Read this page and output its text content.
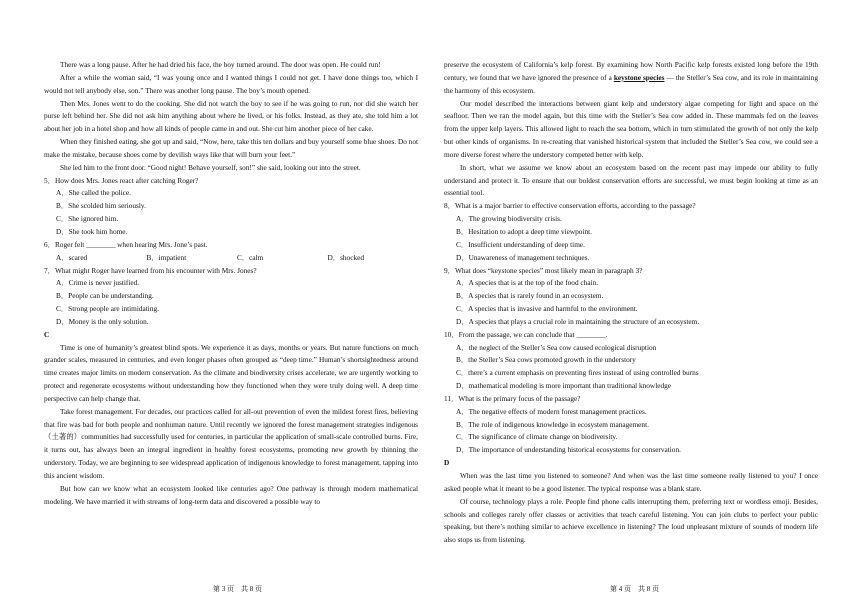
There was a long pause. After he had dried his face, the boy turned around. The door was open. He could run!

After a while the woman said, “I was young once and I wanted things I could not get. I have done things too, which I would not tell anybody else, son.” There was another long pause. The boy’s mouth opened.

Then Mrs. Jones went to do the cooking. She did not watch the boy to see if he was going to run, nor did she watch her purse left behind her. She did not ask him anything about where he lived, or his folks. Instead, as they ate, she told him a lot about her job in a hotel shop and how all kinds of people came in and out. She cut him another piece of her cake.

When they finished eating, she got up and said, “Now, here, take this ten dollars and buy yourself some blue shoes. Do not make the mistake, because shoes come by devilish ways like that will burn your feet.”

She led him to the front door. “Good night! Behave yourself, son!” she said, looking out into the street.

5．How does Mrs. Jones react after catching Roger?

A．She called the police.

B．She scolded him seriously.

C．She ignored him.

D．She took him home.

6．Roger felt ________ when hearing Mrs. Jone’s past.

A．scared	B．impatient	C．calm	D．shocked

7．What might Roger have learned from his encounter with Mrs. Jones?

A．Crime is never justified.

B．People can be understanding.

C．Strong people are intimidating.

D．Money is the only solution.

C

Time is one of humanity’s greatest blind spots. We experience it as days, months or years. But nature functions on much grander scales, measured in centuries, and even longer phases often grouped as “deep time.” Human’s shortsightedness around time creates major limits on modern conservation. As the climate and biodiversity crises accelerate, we are urgently working to protect and regenerate ecosystems without understanding how they functioned when they were truly doing well. A deep time perspective can help change that.

Take forest management. For decades, our practices called for all-out prevention of even the mildest forest fires, believing that fire was bad for both people and nonhuman nature. Until recently we ignored the forest management strategies indigenous（土著的）communities had successfully used for centuries, in particular the application of small-scale controlled burns. Fire, it turns out, has always been an integral ingredient in healthy forest ecosystems, promoting new growth by thinning the understory. Today, we are beginning to see widespread application of indigenous knowledge to forest management, tapping into this ancient wisdom.

But how can we know what an ecosystem looked like centuries ago? One pathway is through modern mathematical modeling. We have married it with streams of long-term data and discovered a possible way to

preserve the ecosystem of California’s kelp forest. By examining how North Pacific kelp forests existed long before the 19th century, we found that we have ignored the presence of a keystone species — the Steller’s Sea cow, and its role in maintaining the harmony of this ecosystem.

Our model described the interactions between giant kelp and understory algae competing for light and space on the seafloor. Then we ran the model again, but this time with the Steller’s Sea cow added in. These mammals fed on the leaves from the upper kelp layers. This allowed light to reach the sea bottom, which in turn stimulated the growth of not only the kelp but other kinds of organisms. In re-creating that vanished historical system that included the Steller’s Sea cow, we could see a more diverse forest where the understory competed better with kelp.

In short, what we assume we know about an ecosystem based on the recent past may impede our ability to fully understand and protect it. To ensure that our boldest conservation efforts are successful, we must begin looking at time as an essential tool.

8．What is a major barrier to effective conservation efforts, according to the passage?

A．The growing biodiversity crisis.

B．Hesitation to adopt a deep time viewpoint.

C．Insufficient understanding of deep time.

D．Unawareness of management techniques.

9．What does “keystone species” most likely mean in paragraph 3?

A．A species that is at the top of the food chain.

B．A species that is rarely found in an ecosystem.

C．A species that is invasive and harmful to the environment.

D．A species that plays a crucial role in maintaining the structure of an ecosystem.

10．From the passage, we can conclude that ________.

A．the neglect of the Steller’s Sea cow caused ecological disruption

B．the Steller’s Sea cows promoted growth in the understory

C．there’s a current emphasis on preventing fires instead of using controlled burns

D．mathematical modeling is more important than traditional knowledge

11．What is the primary focus of the passage?

A．The negative effects of modern forest management practices.

B．The role of indigenous knowledge in ecosystem management.

C．The significance of climate change on biodiversity.

D．The importance of understanding historical ecosystems for conservation.

D

When was the last time you listened to someone? And when was the last time someone really listened to you? I once asked people what it meant to be a good listener. The typical response was a blank stare.

Of course, technology plays a role. People find phone calls interrupting them, preferring text or wordless emoji. Besides, schools and colleges rarely offer classes or activities that teach careful listening. You can join clubs to perfect your public speaking, but there’s nothing similar to achieve excellence in listening? The loud unpleasant mixture of sounds of modern life also stops us from listening.

第 3 页　共 8 页	第 4 页　共 8 页
